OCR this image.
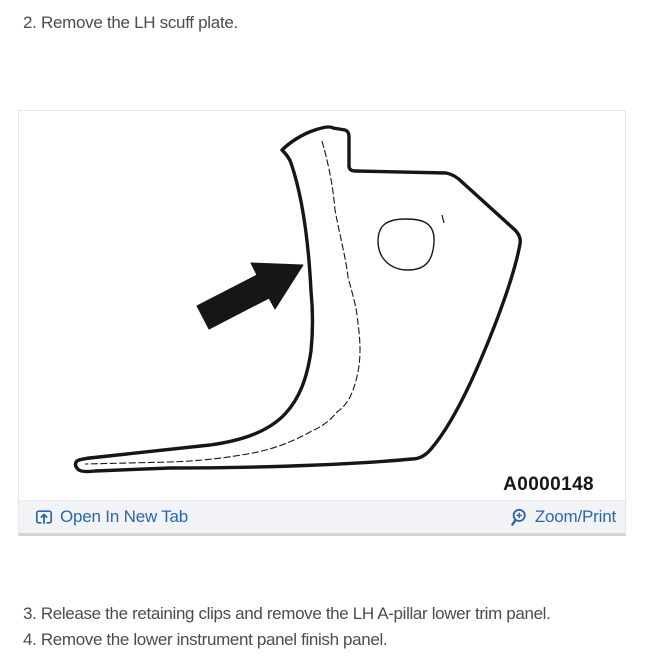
2. Remove the LH scuff plate.
A0000148
Open In New Tab	Zoom/Print
3. Release the retaining clips and remove the LH A-pillar lower trim panel.
4. Remove the lower instrument panel finish panel.
